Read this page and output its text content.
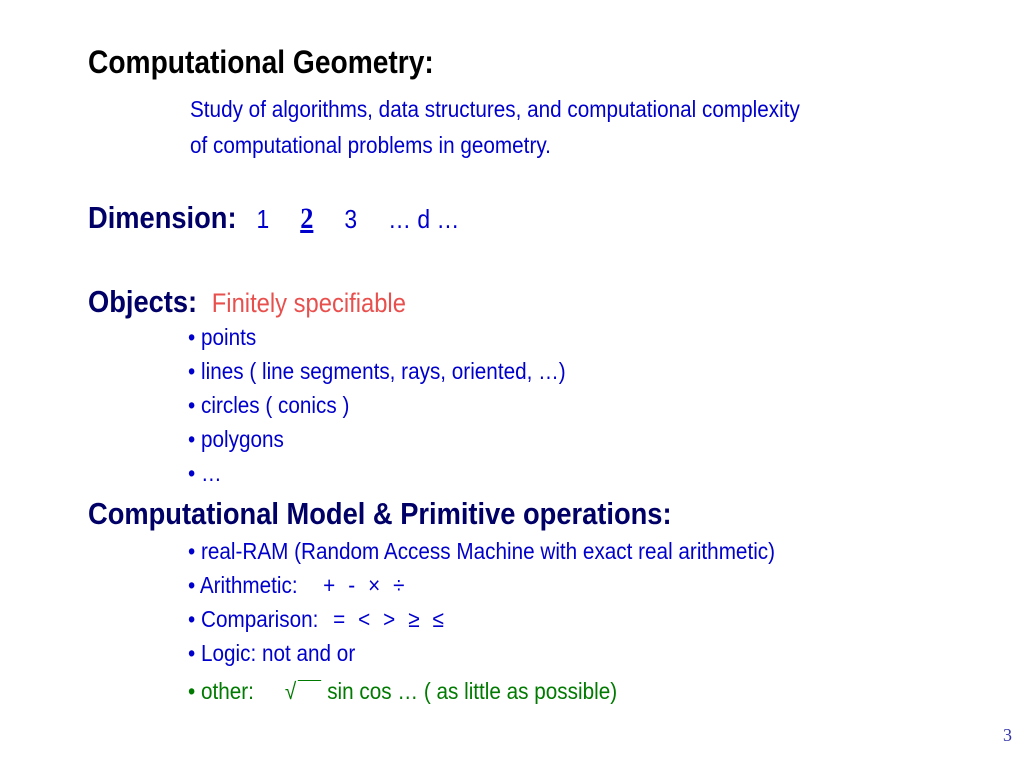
Computational Geometry:

Study of algorithms, data structures, and computational complexity

of computational problems in geometry.

Dimension: 1 2 3 … d …
Objects: Finitely specifiable

• points

• lines ( line segments, rays, oriented, …)

• circles ( conics )

• polygons

• …

Computational Model & Primitive operations:

• real-RAM (Random Access Machine with exact real arithmetic)

• Arithmetic: + - × ÷

• Comparison: = < > ≥ ≤

• Logic: not and or

• other: √ sin cos … ( as little as possible)

3
